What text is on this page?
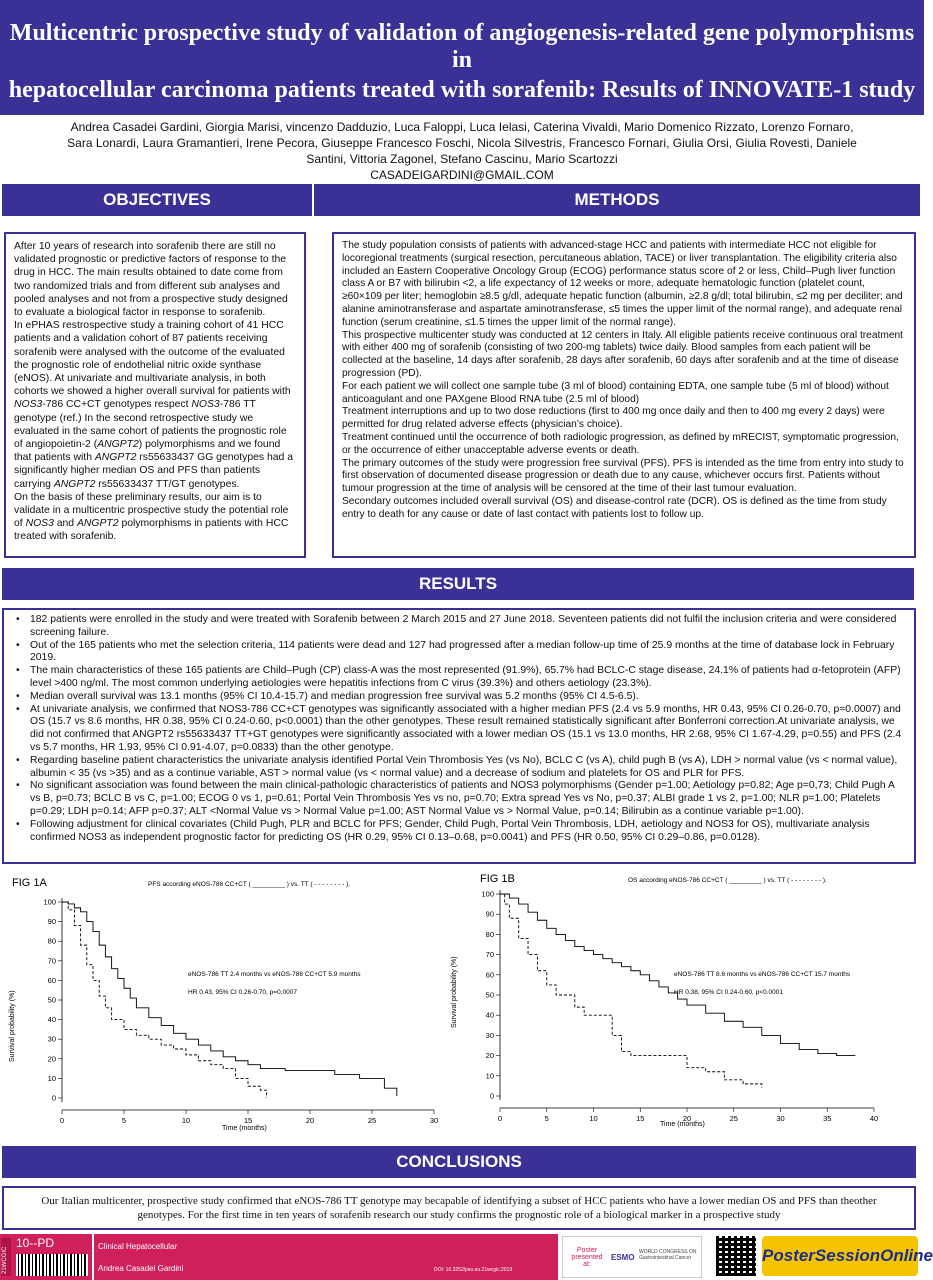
Multicentric prospective study of validation of angiogenesis-related gene polymorphisms in
hepatocellular carcinoma patients treated with sorafenib: Results of INNOVATE-1 study
Andrea Casadei Gardini, Giorgia Marisi, vincenzo Dadduzio, Luca Faloppi, Luca Ielasi, Caterina Vivaldi, Mario Domenico Rizzato, Lorenzo Fornaro,
Sara Lonardi, Laura Gramantieri, Irene Pecora, Giuseppe Francesco Foschi, Nicola Silvestris, Francesco Fornari, Giulia Orsi, Giulia Rovesti, Daniele
Santini, Vittoria Zagonel, Stefano Cascinu, Mario Scartozzi
CASADEIGARDINI@GMAIL.COM
OBJECTIVES

After 10 years of research into sorafenib there are still no validated prognostic or predictive factors of response to the drug in HCC. The main results obtained to date come from two randomized trials and from different sub analyses and pooled analyses and not from a prospective study designed to evaluate a biological factor in response to sorafenib.

In ePHAS restrospective study a training cohort of 41 HCC patients and a validation cohort of 87 patients receiving sorafenib were analysed with the outcome of the evaluated the prognostic role of endothelial nitric oxide synthase (eNOS). At univariate and multivariate analysis, in both cohorts we showed a higher overall survival for patients with NOS3-786 CC+CT genotypes respect NOS3-786 TT genotype (ref.) In the second retrospective study we evaluated in the same cohort of patients the prognostic role of angiopoietin-2 (ANGPT2) polymorphisms and we found that patients with ANGPT2 rs55633437 GG genotypes had a significantly higher median OS and PFS than patients carrying ANGPT2 rs55633437 TT/GT genotypes.

On the basis of these preliminary results, our aim is to validate in a multicentric prospective study the potential role of NOS3 and ANGPT2 polymorphisms in patients with HCC treated with sorafenib.

METHODS

The study population consists of patients with advanced-stage HCC and patients with intermediate HCC not eligible for locoregional treatments (surgical resection, percutaneous ablation, TACE) or liver transplantation. The eligibility criteria also included an Eastern Cooperative Oncology Group (ECOG) performance status score of 2 or less, Child–Pugh liver function class A or B7 with bilirubin <2, a life expectancy of 12 weeks or more, adequate hematologic function (platelet count, ≥60×109 per liter; hemoglobin ≥8.5 g/dl, adequate hepatic function (albumin, ≥2.8 g/dl; total bilirubin, ≤2 mg per deciliter; and alanine aminotransferase and aspartate aminotransferase, ≤5 times the upper limit of the normal range), and adequate renal function (serum creatinine, ≤1.5 times the upper limit of the normal range).

This prospective multicenter study was conducted at 12 centers in Italy. All eligible patients receive continuous oral treatment with either 400 mg of sorafenib (consisting of two 200-mg tablets) twice daily. Blood samples from each patient will be collected at the baseline, 14 days after sorafenib, 28 days after sorafenib, 60 days after sorafenib and at the time of disease progression (PD).

For each patient we will collect one sample tube (3 ml of blood) containing EDTA, one sample tube (5 ml of blood) without anticoagulant and one PAXgene Blood RNA tube (2.5 ml of blood)

Treatment interruptions and up to two dose reductions (first to 400 mg once daily and then to 400 mg every 2 days) were permitted for drug related adverse effects (physician’s choice).

Treatment continued until the occurrence of both radiologic progression, as defined by mRECIST, symptomatic progression, or the occurrence of either unacceptable adverse events or death.

The primary outcomes of the study were progression free survival (PFS). PFS is intended as the time from entry into study to first observation of documented disease progression or death due to any cause, whichever occurs first. Patients without tumour progression at the time of analysis will be censored at the time of their last tumour evaluation.

Secondary outcomes included overall survival (OS) and disease-control rate (DCR). OS is defined as the time from study entry to death for any cause or date of last contact with patients lost to follow up.

RESULTS
• 182 patients were enrolled in the study and were treated with Sorafenib between 2 March 2015 and 27 June 2018. Seventeen patients did not fulfil the inclusion criteria and were considered screening failure.
• Out of the 165 patients who met the selection criteria, 114 patients were dead and 127 had progressed after a median follow-up time of 25.9 months at the time of database lock in February 2019.
• The main characteristics of these 165 patients are Child–Pugh (CP) class-A was the most represented (91.9%), 65.7% had BCLC-C stage disease, 24.1% of patients had α-fetoprotein (AFP) level >400 ng/ml. The most common underlying aetiologies were hepatitis infections from C virus (39.3%) and others aetiology (23.3%).
• Median overall survival was 13.1 months (95% CI 10.4-15.7) and median progression free survival was 5.2 months (95% CI 4.5-6.5).
• At univariate analysis, we confirmed that NOS3-786 CC+CT genotypes was significantly associated with a higher median PFS (2.4 vs 5.9 months, HR 0.43, 95% CI 0.26-0.70, p=0.0007) and OS (15.7 vs 8.6 months, HR 0.38, 95% CI 0.24-0.60, p<0.0001) than the other genotypes. These result remained statistically significant after Bonferroni correction.At univariate analysis, we did not confirmed that ANGPT2 rs55633437 TT+GT genotypes were significantly associated with a lower median OS (15.1 vs 13.0 months, HR 2.68, 95% CI 1.67-4.29, p=0.55) and PFS (2.4 vs 5.7 months, HR 1.93, 95% CI 0.91-4.07, p=0.0833) than the other genotype.
• Regarding baseline patient characteristics the univariate analysis identified Portal Vein Thrombosis Yes (vs No), BCLC C (vs A), child pugh B (vs A), LDH > normal value (vs < normal value), albumin < 35 (vs >35) and as a continue variable, AST > normal value (vs < normal value) and a decrease of sodium and platelets for OS and PLR for PFS.
• No significant association was found between the main clinical-pathologic characteristics of patients and NOS3 polymorphisms (Gender p=1.00; Aetiology p=0.82; Age p=0,73; Child Pugh A vs B, p=0.73; BCLC B vs C, p=1.00; ECOG 0 vs 1, p=0.61; Portal Vein Thrombosis Yes vs no, p=0.70; Extra spread Yes vs No, p=0.37; ALBI grade 1 vs 2, p=1.00; NLR p=1.00; Platelets p=0.29; LDH p=0.14; AFP p=0.37; ALT <Normal Value vs > Normal Value p=1.00; AST Normal Value vs > Normal Value, p=0.14; Bilirubin as a continue variable p=1.00).
• Following adjustment for clinical covariates (Child Pugh, PLR and BCLC for PFS; Gender, Child Pugh, Portal Vein Thrombosis, LDH, aetiology and NOS3 for OS), multivariate analysis confirmed NOS3 as independent prognostic factor for predicting OS (HR 0.29, 95% CI 0.13–0.68, p=0.0041) and PFS (HR 0.50, 95% CI 0.29–0.86, p=0.0128).
FIG 1A	PFS according eNOS-786 CC+CT ( _________ ) vs. TT ( - - - - - - - - ).
Survival probability (%)
Time (months)
eNOS-786 TT 2.4 months vs eNOS-786 CC+CT 5.9 months
HR 0.43, 95% CI 0.26-0.70, p=0.0007
0
10
20
30
40
50
60
70
80
90
100
0	5	10	15	20	25	30
FIG 1B	OS according eNOS-786 CC+CT ( _________ ) vs. TT ( - - - - - - - - ).
Survival probability (%)
Time (months)
eNOS-786 TT 8.6 months vs eNOS-786 CC+CT 15.7 months
HR 0.38, 95% CI 0.24-0.60, p<0.0001
0
10
20
30
40
50
60
70
80
90
100
0	5	10	15	20	25	30	35	40
CONCLUSIONS
Our Italian multicenter, prospective study confirmed that eNOS-786 TT genotype may becapable of identifying a subset of HCC patients who have a lower median OS and PFS than theother genotypes. For the first time in ten years of sorafenib research our study confirms the prognostic role of a biological marker in a prospective study
21WCGIC
10--PD	Clinical Hepatocellular
Andrea Casadei Gardini	DOI: 10.3252/pso.eu.21wcgic.2019
Poster presented at:
ESMO
WORLD CONGRESS ON Gastrointestinal Cancer	PosterSessionOnline
